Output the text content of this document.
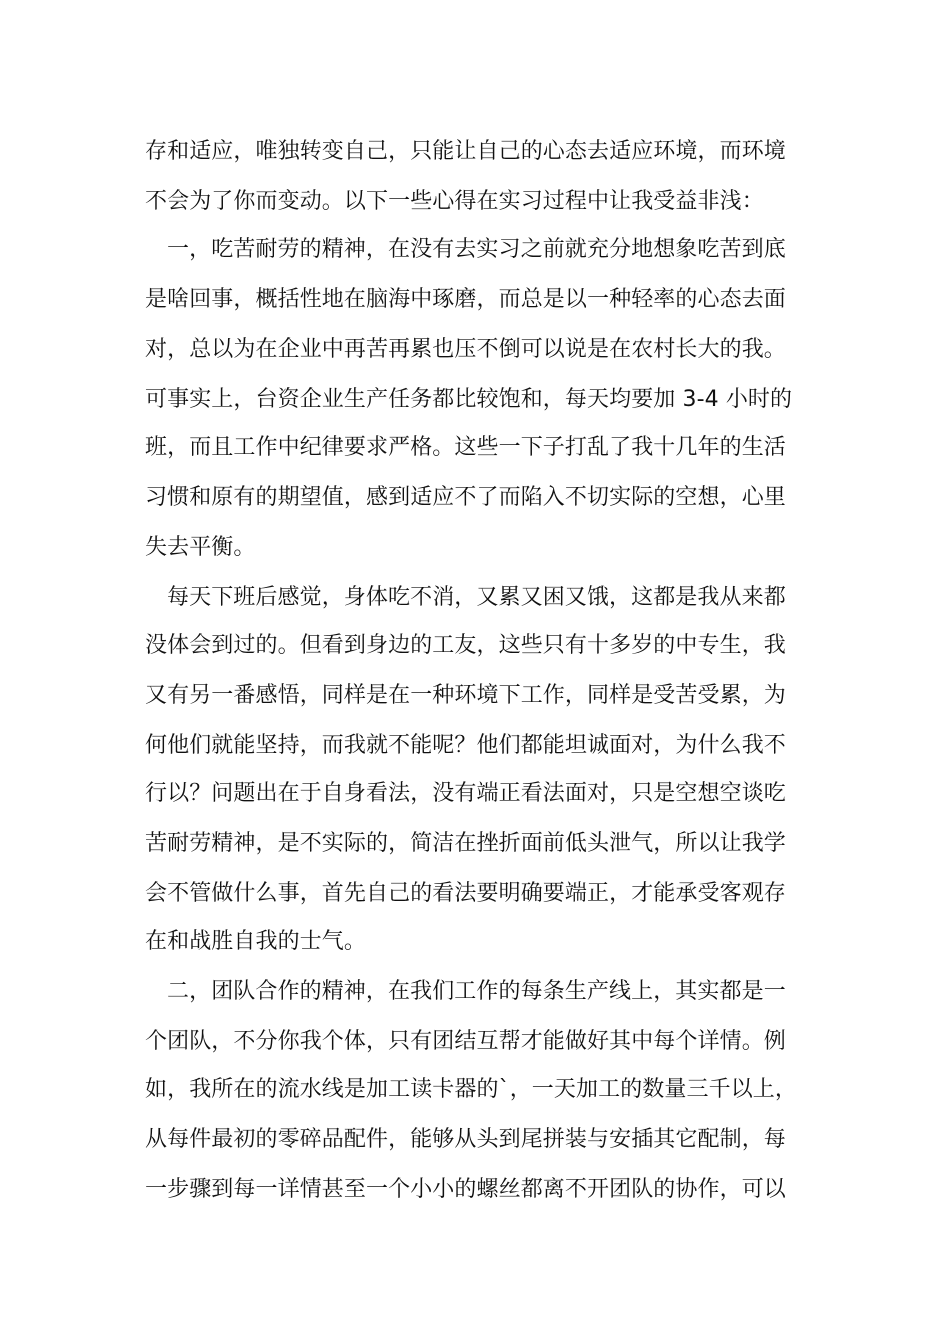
存和适应，唯独转变自己，只能让自己的心态去适应环境，而环境
不会为了你而变动。以下一些心得在实习过程中让我受益非浅：
一，吃苦耐劳的精神，在没有去实习之前就充分地想象吃苦到底
是啥回事，概括性地在脑海中琢磨，而总是以一种轻率的心态去面
对，总以为在企业中再苦再累也压不倒可以说是在农村长大的我。
可事实上，台资企业生产任务都比较饱和，每天均要加 3-4 小时的
班，而且工作中纪律要求严格。这些一下子打乱了我十几年的生活
习惯和原有的期望值，感到适应不了而陷入不切实际的空想，心里
失去平衡。
每天下班后感觉，身体吃不消，又累又困又饿，这都是我从来都
没体会到过的。但看到身边的工友，这些只有十多岁的中专生，我
又有另一番感悟，同样是在一种环境下工作，同样是受苦受累，为
何他们就能坚持，而我就不能呢？他们都能坦诚面对，为什么我不
行以？问题出在于自身看法，没有端正看法面对，只是空想空谈吃
苦耐劳精神，是不实际的，简洁在挫折面前低头泄气，所以让我学
会不管做什么事，首先自己的看法要明确要端正，才能承受客观存
在和战胜自我的士气。
二，团队合作的精神，在我们工作的每条生产线上，其实都是一
个团队，不分你我个体，只有团结互帮才能做好其中每个详情。例
如，我所在的流水线是加工读卡器的`，一天加工的数量三千以上，
从每件最初的零碎品配件，能够从头到尾拼装与安插其它配制，每
一步骤到每一详情甚至一个小小的螺丝都离不开团队的协作，可以
